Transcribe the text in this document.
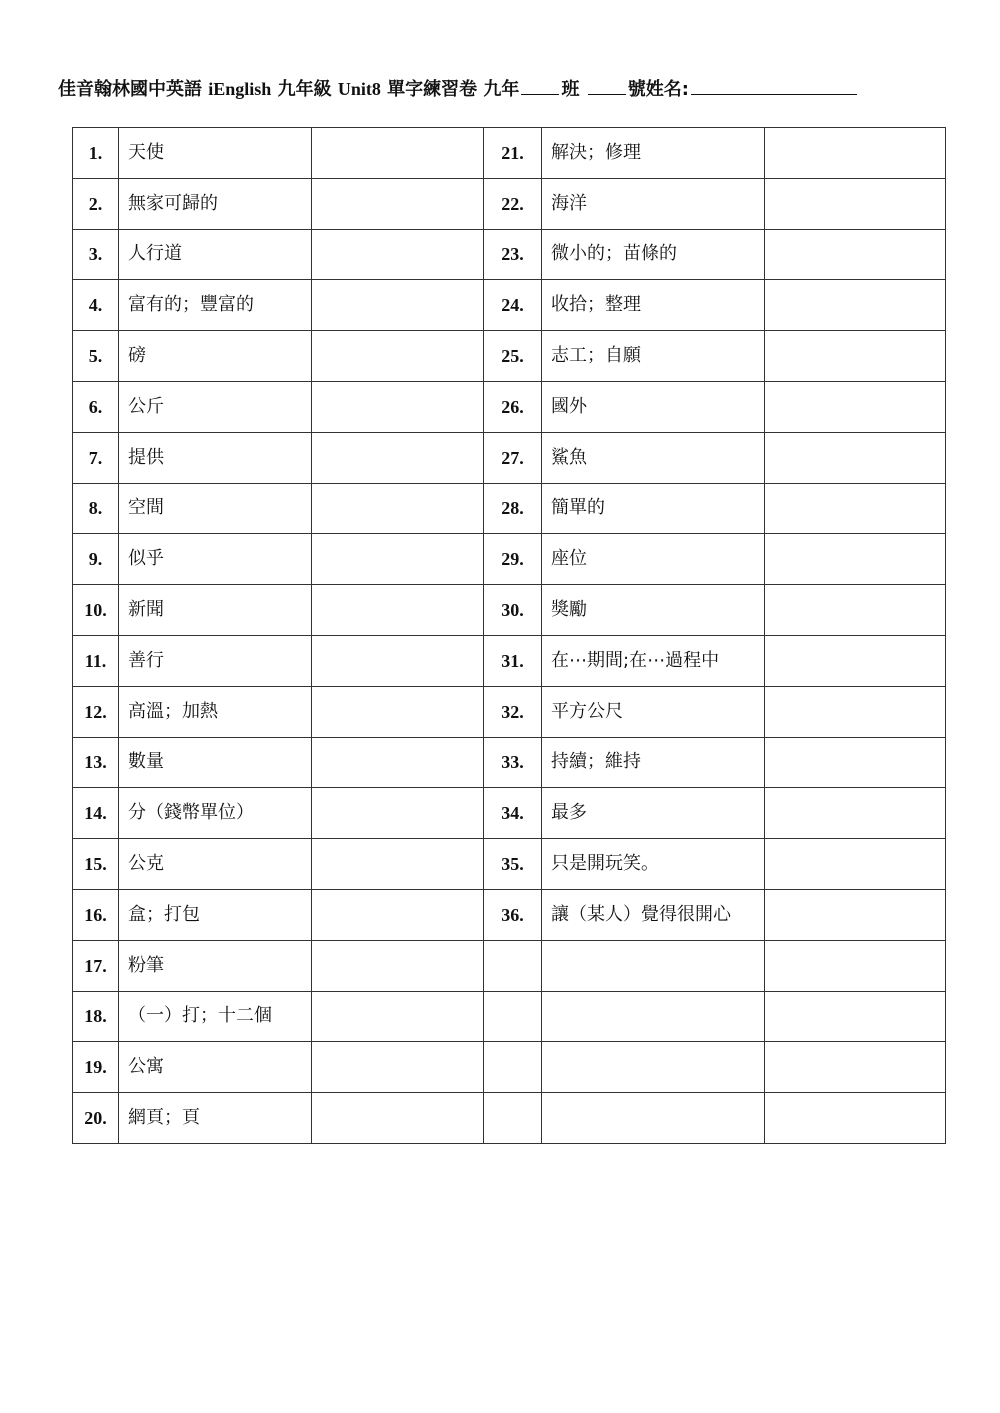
佳音翰林國中英語 iEnglish 九年級 Unit8 單字練習卷 九年 班	號姓名:
1.	天使		21.	解決；修理	
2.	無家可歸的		22.	海洋	
3.	人行道		23.	微小的；苗條的	
4.	富有的；豐富的		24.	收拾；整理	
5.	磅		25.	志工；自願	
6.	公斤		26.	國外	
7.	提供		27.	鯊魚	
8.	空間		28.	簡單的	
9.	似乎		29.	座位	
10.	新聞		30.	獎勵	
11.	善行		31.	在⋯期間;在⋯過程中	
12.	高溫；加熱		32.	平方公尺	
13.	數量		33.	持續；維持	
14.	分（錢幣單位）		34.	最多	
15.	公克		35.	只是開玩笑。	
16.	盒；打包		36.	讓（某人）覺得很開心	
17.	粉筆				
18.	（一）打；十二個				
19.	公寓				
20.	網頁；頁				
